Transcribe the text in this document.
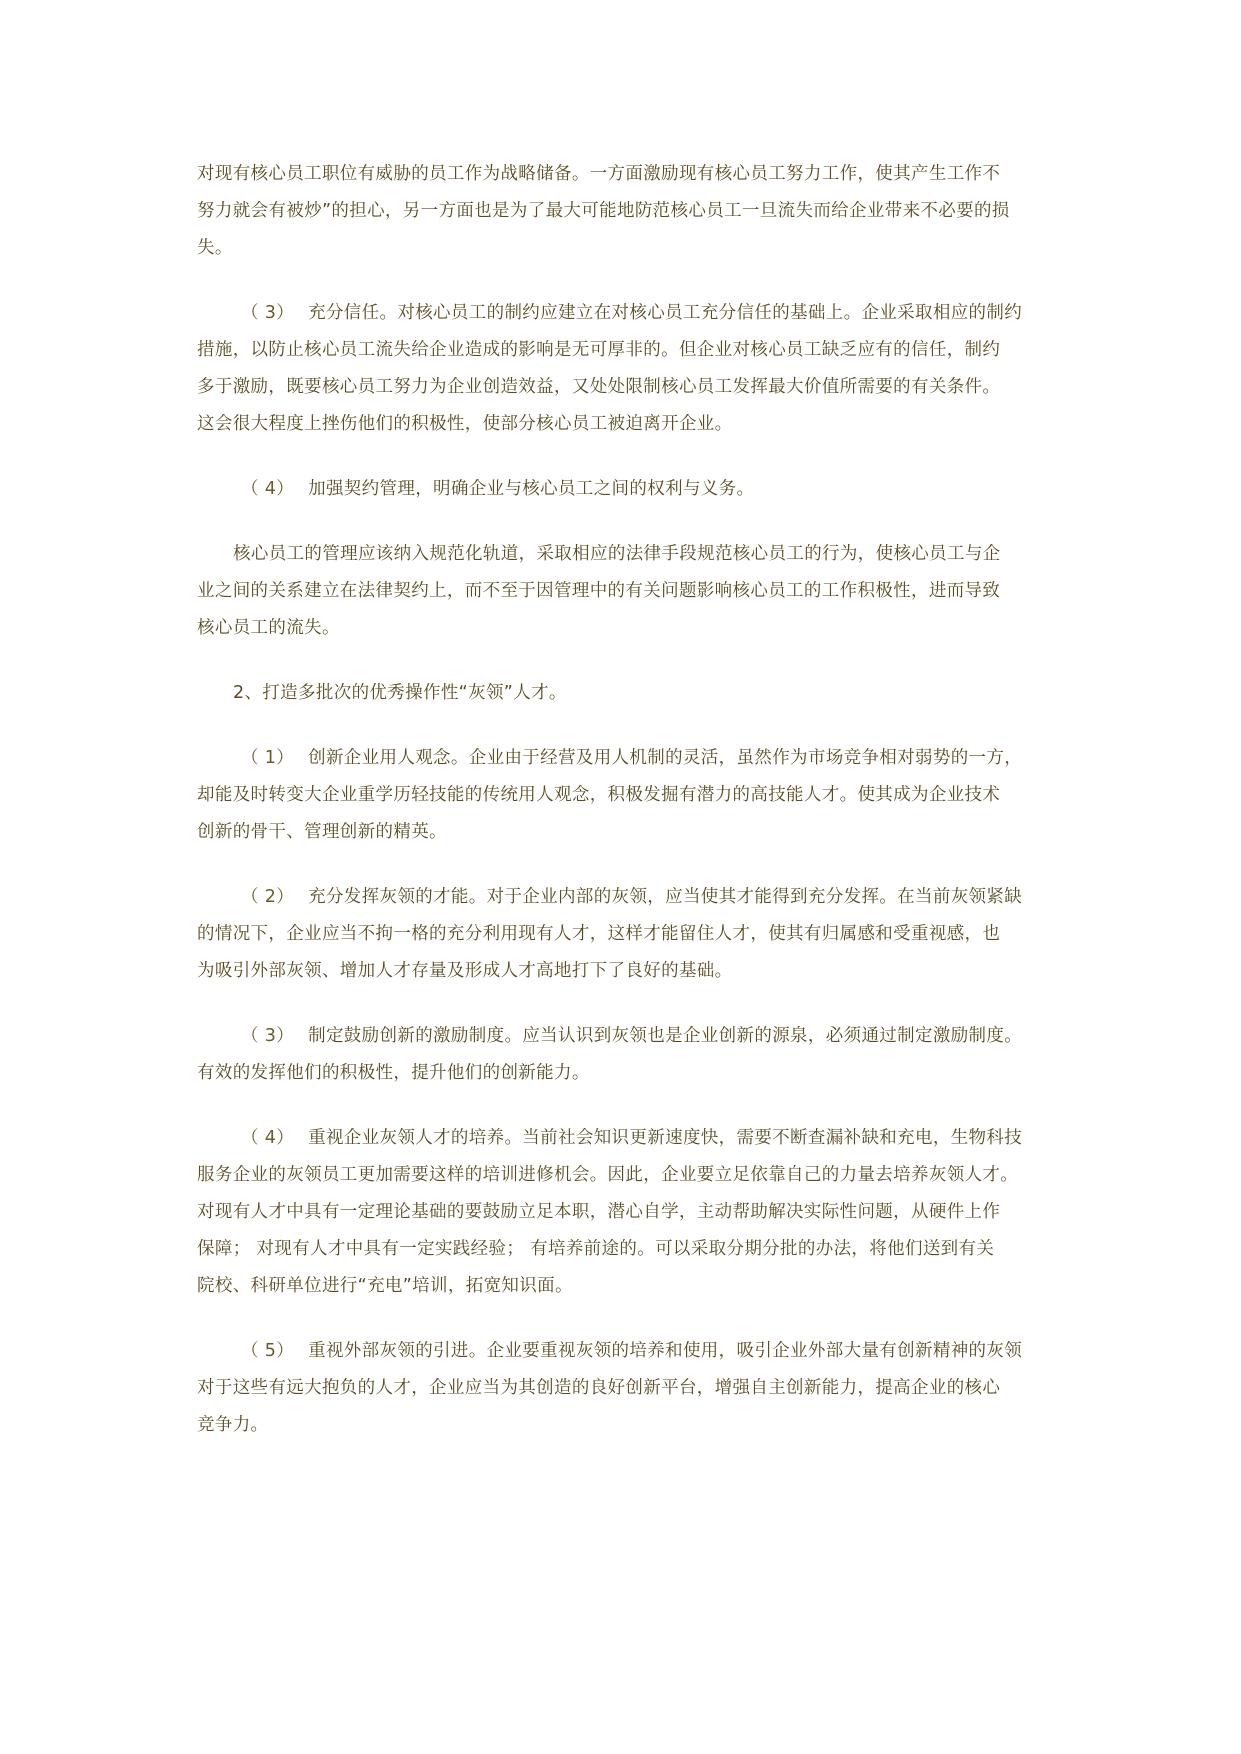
对现有核心员工职位有威胁的员工作为战略储备。一方面激励现有核心员工努力工作，使其产生工作不
努力就会有被炒”的担心，另一方面也是为了最大可能地防范核心员工一旦流失而给企业带来不必要的损
失。

（ 3） 充分信任。对核心员工的制约应建立在对核心员工充分信任的基础上。企业采取相应的制约
措施，以防止核心员工流失给企业造成的影响是无可厚非的。但企业对核心员工缺乏应有的信任，制约
多于激励，既要核心员工努力为企业创造效益，又处处限制核心员工发挥最大价值所需要的有关条件。
这会很大程度上挫伤他们的积极性，使部分核心员工被迫离开企业。

（ 4） 加强契约管理，明确企业与核心员工之间的权利与义务。

核心员工的管理应该纳入规范化轨道，采取相应的法律手段规范核心员工的行为，使核心员工与企
业之间的关系建立在法律契约上，而不至于因管理中的有关问题影响核心员工的工作积极性，进而导致
核心员工的流失。

2、打造多批次的优秀操作性“灰领”人才。

（ 1） 创新企业用人观念。企业由于经营及用人机制的灵活，虽然作为市场竞争相对弱势的一方，
却能及时转变大企业重学历轻技能的传统用人观念，积极发掘有潜力的高技能人才。使其成为企业技术
创新的骨干、管理创新的精英。

（ 2） 充分发挥灰领的才能。对于企业内部的灰领，应当使其才能得到充分发挥。在当前灰领紧缺
的情况下，企业应当不拘一格的充分利用现有人才，这样才能留住人才，使其有归属感和受重视感，也
为吸引外部灰领、增加人才存量及形成人才高地打下了良好的基础。

（ 3） 制定鼓励创新的激励制度。应当认识到灰领也是企业创新的源泉，必须通过制定激励制度。
有效的发挥他们的积极性，提升他们的创新能力。

（ 4） 重视企业灰领人才的培养。当前社会知识更新速度快，需要不断查漏补缺和充电，生物科技
服务企业的灰领员工更加需要这样的培训进修机会。因此，企业要立足依靠自己的力量去培养灰领人才。
对现有人才中具有一定理论基础的要鼓励立足本职，潜心自学，主动帮助解决实际性问题，从硬件上作
保障； 对现有人才中具有一定实践经验； 有培养前途的。可以采取分期分批的办法，将他们送到有关
院校、科研单位进行“充电”培训，拓宽知识面。

（ 5） 重视外部灰领的引进。企业要重视灰领的培养和使用，吸引企业外部大量有创新精神的灰领
对于这些有远大抱负的人才，企业应当为其创造的良好创新平台，增强自主创新能力，提高企业的核心
竞争力。
